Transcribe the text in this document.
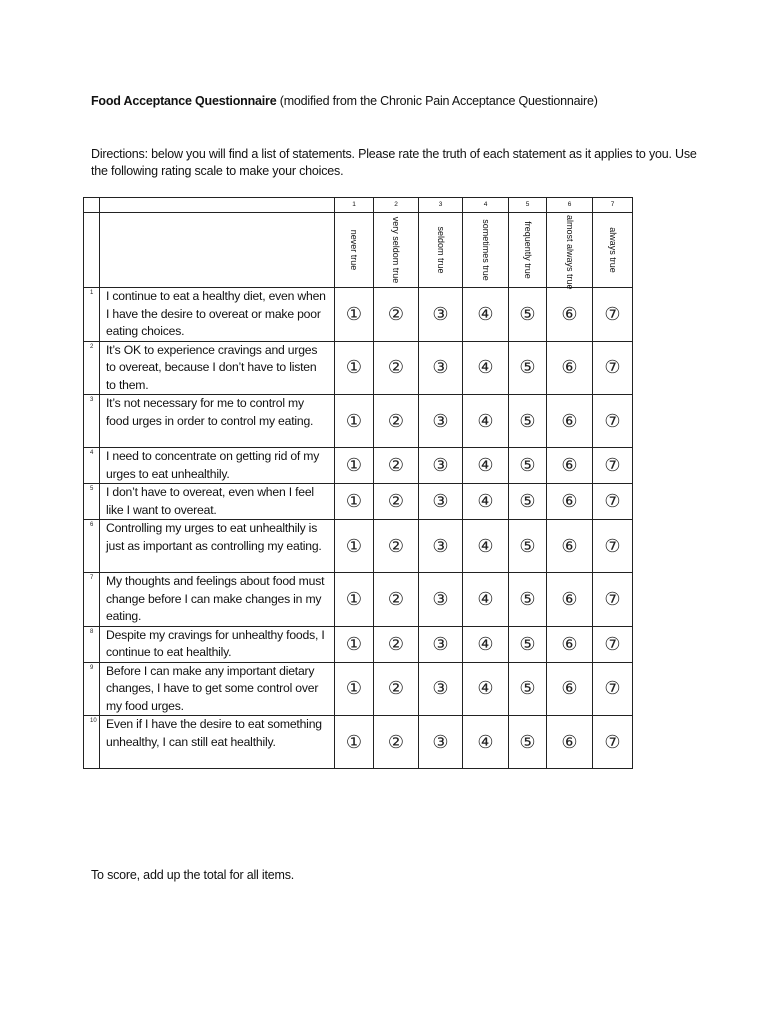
Food Acceptance Questionnaire (modified from the Chronic Pain Acceptance Questionnaire)
Directions: below you will find a list of statements. Please rate the truth of each statement as it applies to you. Use the following rating scale to make your choices.
		1	2	3	4	5	6	7

		never true	very seldom true	seldom true	sometimes true	frequently true	almost always true	always true

1	I continue to eat a healthy diet, even when I have the desire to overeat or make poor eating choices.	①	②	③	④	⑤	⑥	⑦
2	It’s OK to experience cravings and urges to overeat, because I don’t have to listen to them.	①	②	③	④	⑤	⑥	⑦
3	It’s not necessary for me to control my food urges in order to control my eating.	①	②	③	④	⑤	⑥	⑦
4	I need to concentrate on getting rid of my urges to eat unhealthily.	①	②	③	④	⑤	⑥	⑦
5	I don’t have to overeat, even when I feel like I want to overeat.	①	②	③	④	⑤	⑥	⑦
6	Controlling my urges to eat unhealthily is just as important as controlling my eating.	①	②	③	④	⑤	⑥	⑦
7	My thoughts and feelings about food must change before I can make changes in my eating.	①	②	③	④	⑤	⑥	⑦
8	Despite my cravings for unhealthy foods, I continue to eat healthily.	①	②	③	④	⑤	⑥	⑦
9	Before I can make any important dietary changes, I have to get some control over my food urges.	①	②	③	④	⑤	⑥	⑦
10	Even if I have the desire to eat something unhealthy, I can still eat healthily.	①	②	③	④	⑤	⑥	⑦
To score, add up the total for all items.
